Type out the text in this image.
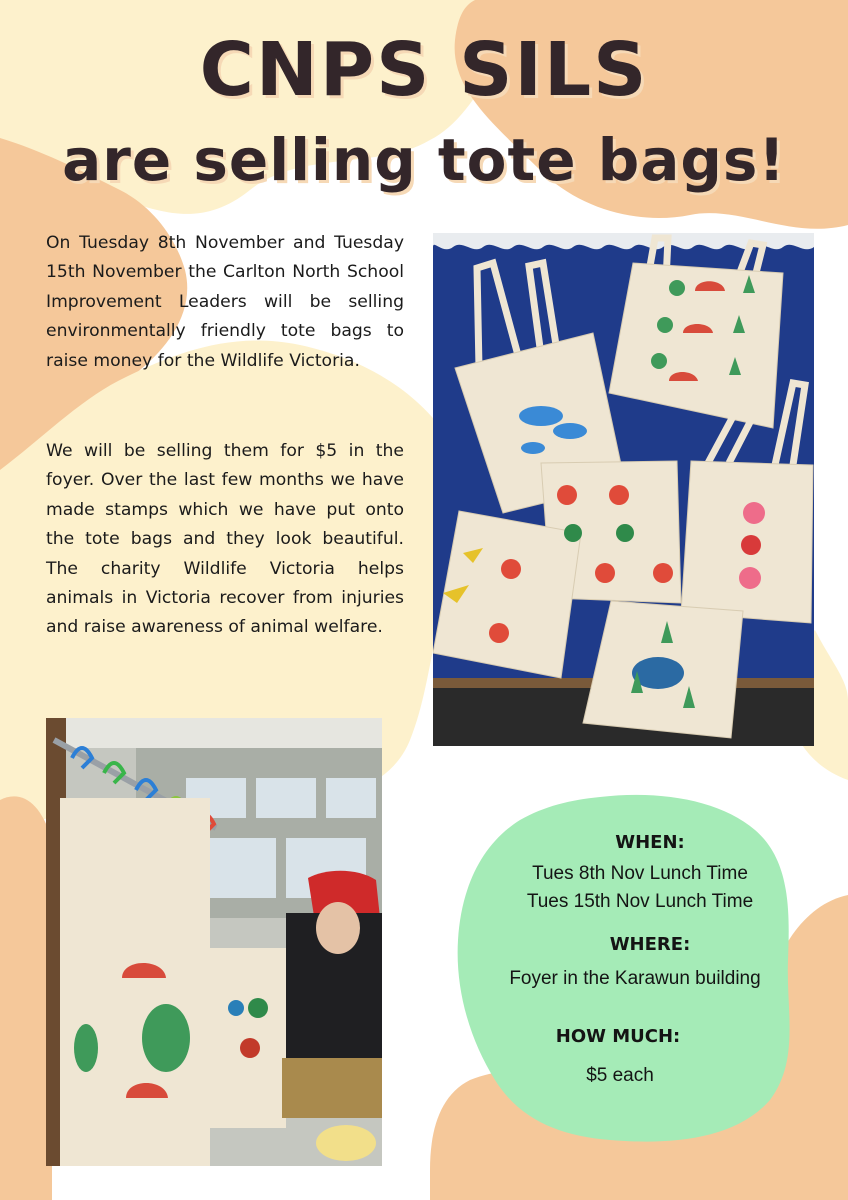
CNPS SILS
are selling tote bags!

On Tuesday 8th November and Tuesday 15th November the Carlton North School Improvement Leaders will be selling environmentally friendly tote bags to raise money for the Wildlife Victoria.

We will be selling them for $5 in the foyer. Over the last few months we have made stamps which we have put onto the tote bags and they look beautiful. The charity Wildlife Victoria helps animals in Victoria recover from injuries and raise awareness of animal welfare.

WHEN:
Tues 8th Nov Lunch Time
Tues 15th Nov Lunch Time
WHERE:
Foyer in the Karawun building
HOW MUCH:
$5 each
